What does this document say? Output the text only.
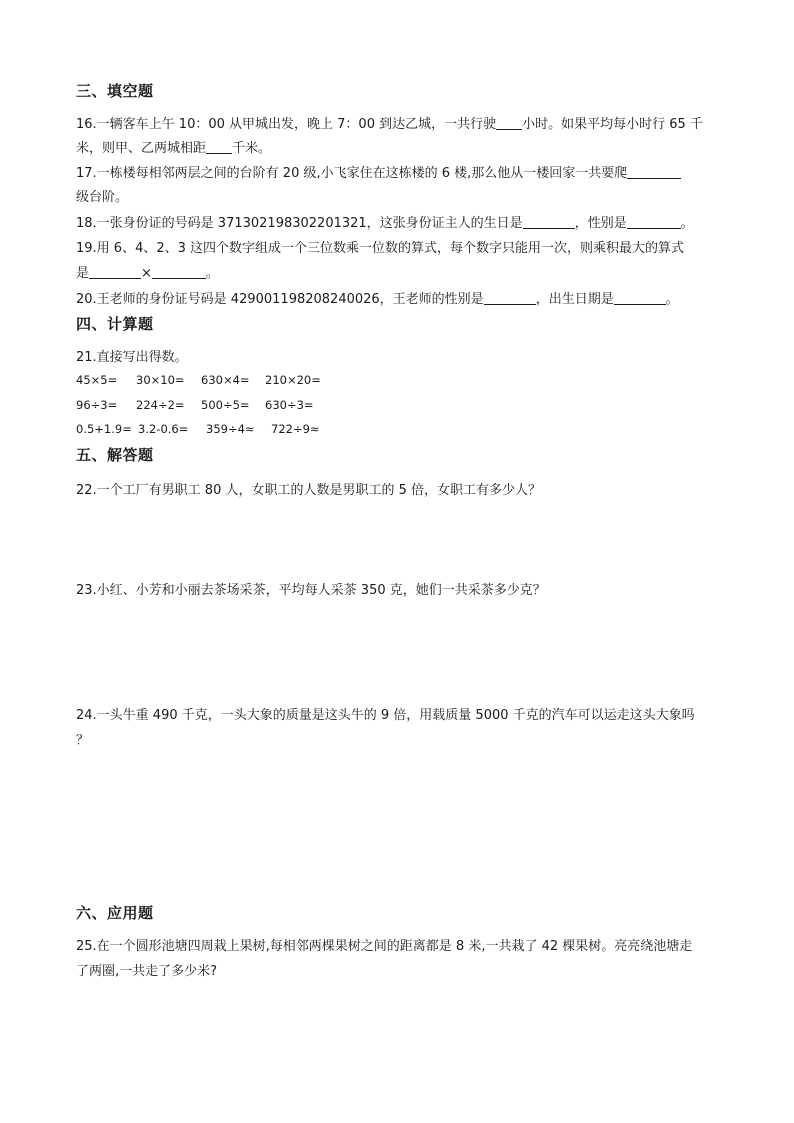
三、填空题
16.一辆客车上午 10：00 从甲城出发，晚上 7：00 到达乙城，一共行驶 小时。如果平均每小时行 65 千
米，则甲、乙两城相距 千米。
17.一栋楼每相邻两层之间的台阶有 20 级,小飞家住在这栋楼的 6 楼,那么他从一楼回家一共要爬
级台阶。
18.一张身份证的号码是 371302198302201321，这张身份证主人的生日是	，性别是	。
19.用 6、4、2、3 这四个数字组成一个三位数乘一位数的算式，每个数字只能用一次，则乘积最大的算式
是	×	。
20.王老师的身份证号码是 429001198208240026，王老师的性别是	，出生日期是	。
四、计算题
21.直接写出得数。
45×5= 30×10= 630×4= 210×20=
96÷3= 224÷2= 500÷5= 630÷3=
0.5+1.9= 3.2-0.6= 359÷4≈ 722÷9≈
五、解答题
22.一个工厂有男职工 80 人，女职工的人数是男职工的 5 倍，女职工有多少人？
23.小红、小芳和小丽去茶场采茶，平均每人采茶 350 克，她们一共采茶多少克？
24.一头牛重 490 千克，一头大象的质量是这头牛的 9 倍，用载质量 5000 千克的汽车可以运走这头大象吗
？
六、应用题
25.在一个圆形池塘四周栽上果树,每相邻两棵果树之间的距离都是 8 米,一共栽了 42 棵果树。亮亮绕池塘走
了两圈,一共走了多少米?
